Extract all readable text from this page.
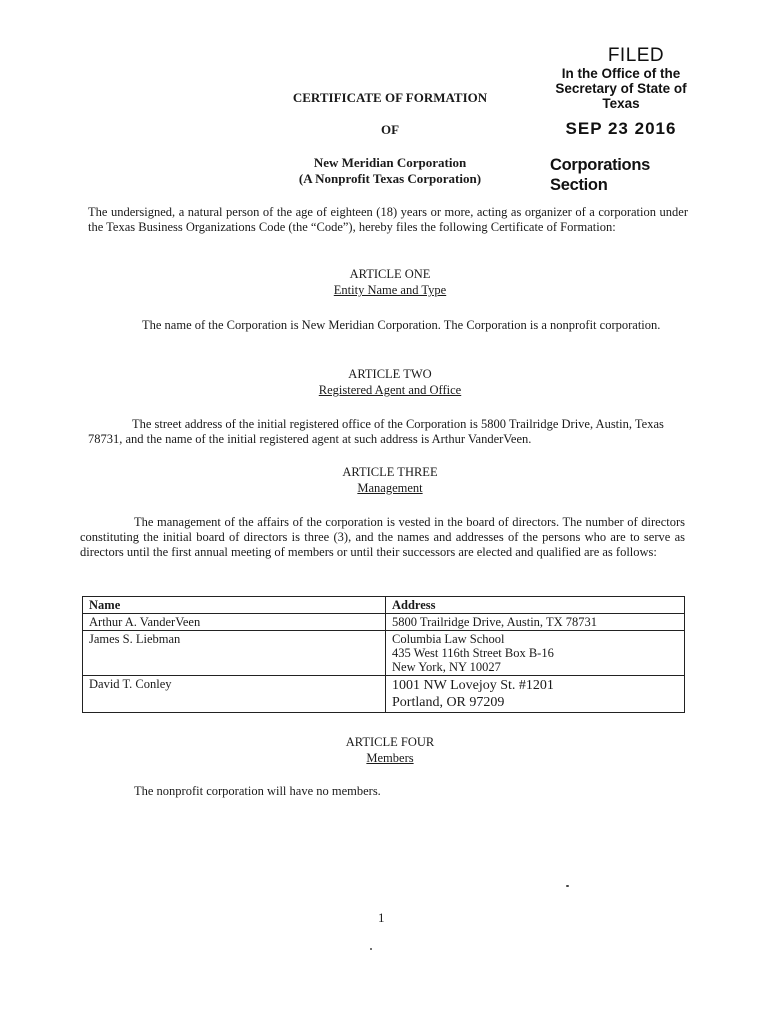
FILED
In the Office of the
Secretary of State of Texas
SEP 23 2016
Corporations Section
CERTIFICATE OF FORMATION
OF
New Meridian Corporation
(A Nonprofit Texas Corporation)
The undersigned, a natural person of the age of eighteen (18) years or more, acting as organizer of a corporation under the Texas Business Organizations Code (the “Code”), hereby files the following Certificate of Formation:
ARTICLE ONE
Entity Name and Type
The name of the Corporation is New Meridian Corporation. The Corporation is a nonprofit corporation.
ARTICLE TWO
Registered Agent and Office
The street address of the initial registered office of the Corporation is 5800 Trailridge Drive, Austin, Texas 78731, and the name of the initial registered agent at such address is Arthur VanderVeen.
ARTICLE THREE
Management
The management of the affairs of the corporation is vested in the board of directors. The number of directors constituting the initial board of directors is three (3), and the names and addresses of the persons who are to serve as directors until the first annual meeting of members or until their successors are elected and qualified are as follows:
Name	Address
Arthur A. VanderVeen	5800 Trailridge Drive, Austin, TX 78731

James S. Liebman	Columbia Law School
435 West 116th Street Box B-16
New York, NY 10027

David T. Conley	1001 NW Lovejoy St. #1201
Portland, OR 97209
ARTICLE FOUR
Members
The nonprofit corporation will have no members.
1
